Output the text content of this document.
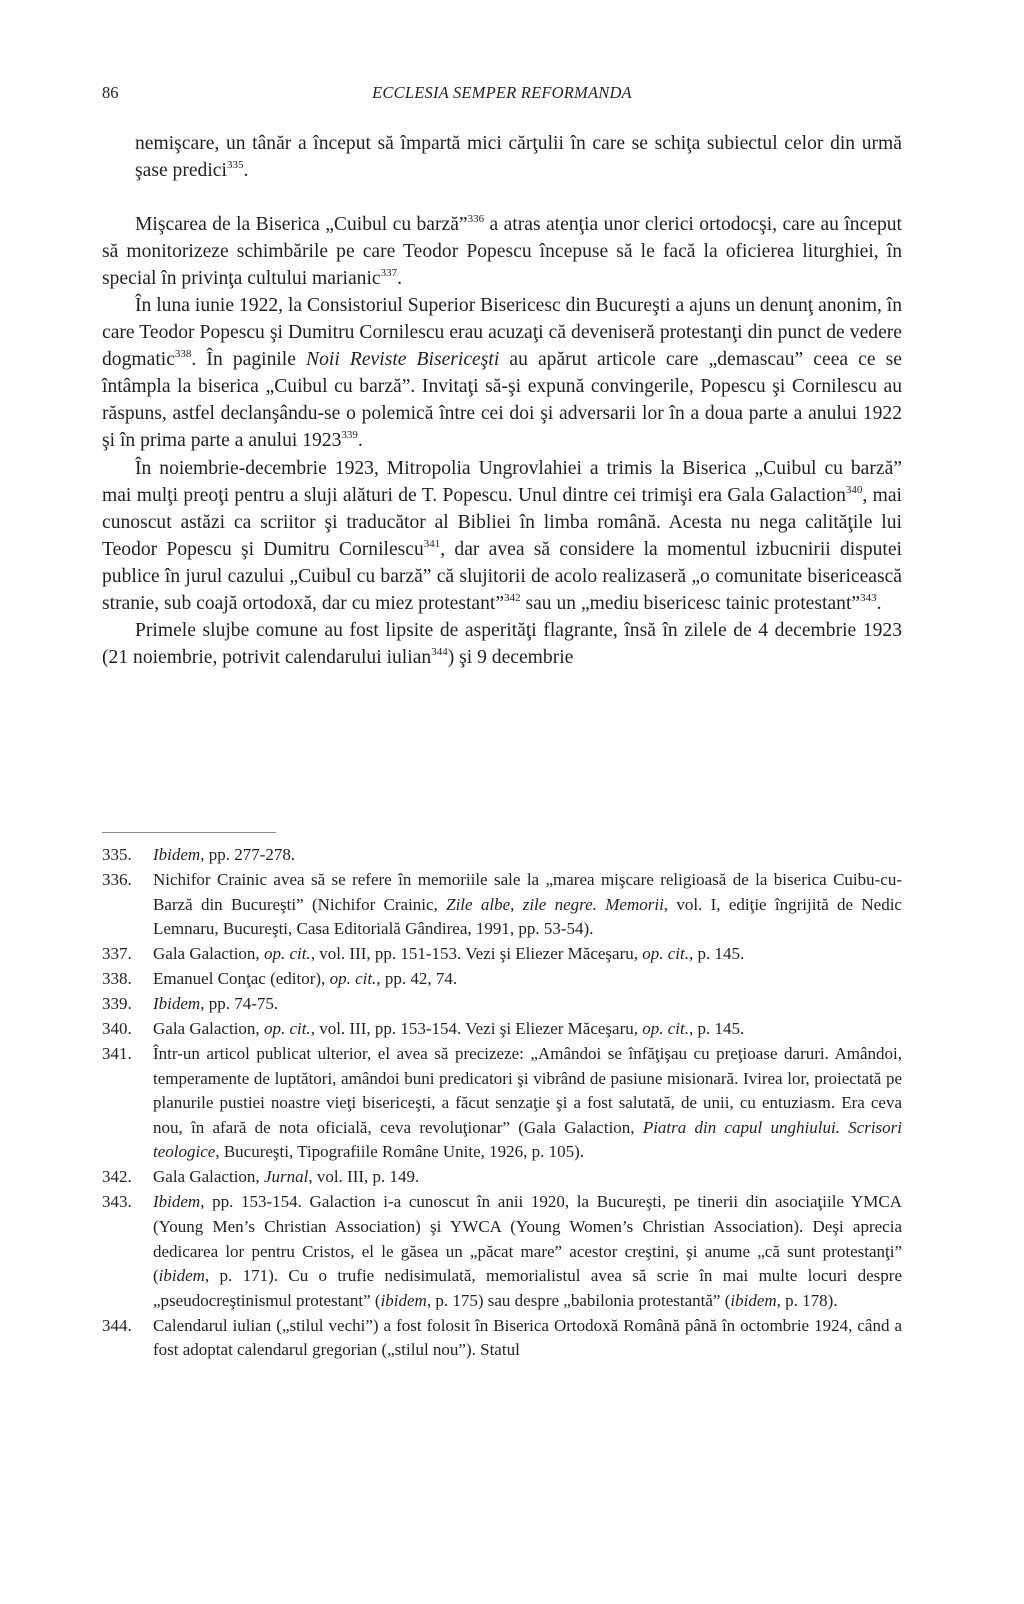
86	ECCLESIA SEMPER REFORMANDA

nemişcare, un tânăr a început să împartă mici cărţulii în care se schiţa subiectul celor din urmă şase predici$^{335}$.

Mişcarea de la Biserica „Cuibul cu barză”$^{336}$ a atras atenţia unor clerici ortodocşi, care au început să monitorizeze schimbările pe care Teodor Popescu începuse să le facă la oficierea liturghiei, în special în privinţa cultului marianic$^{337}$.

În luna iunie 1922, la Consistoriul Superior Bisericesc din Bucureşti a ajuns un denunţ anonim, în care Teodor Popescu şi Dumitru Cornilescu erau acuzaţi că deveniseră protestanţi din punct de vedere dogmatic$^{338}$. În paginile Noii Reviste Bisericeşti au apărut articole care „demascau” ceea ce se întâmpla la biserica „Cuibul cu barză”. Invitaţi să-şi expună convingerile, Popescu şi Cornilescu au răspuns, astfel declanşându-se o polemică între cei doi şi adversarii lor în a doua parte a anului 1922 şi în prima parte a anului 1923$^{339}$.

În noiembrie-decembrie 1923, Mitropolia Ungrovlahiei a trimis la Biserica „Cuibul cu barză” mai mulţi preoţi pentru a sluji alături de T. Popescu. Unul dintre cei trimişi era Gala Galaction$^{340}$, mai cunoscut astăzi ca scriitor şi traducător al Bibliei în limba română. Acesta nu nega calităţile lui Teodor Popescu şi Dumitru Cornilescu$^{341}$, dar avea să considere la momentul izbucnirii disputei publice în jurul cazului „Cuibul cu barză” că slujitorii de acolo realizaseră „o comunitate bisericească stranie, sub coajă ortodoxă, dar cu miez protestant”$^{342}$ sau un „mediu bisericesc tainic protestant”$^{343}$.

Primele slujbe comune au fost lipsite de asperităţi flagrante, însă în zilele de 4 decembrie 1923 (21 noiembrie, potrivit calendarului iulian$^{344}$) şi 9 decembrie

335. Ibidem, pp. 277-278.
336. Nichifor Crainic avea să se refere în memoriile sale la „marea mişcare religioasă de la biserica Cuibu-cu-Barză din Bucureşti” (Nichifor Crainic, Zile albe, zile negre. Memorii, vol. I, ediţie îngrijită de Nedic Lemnaru, Bucureşti, Casa Editorială Gândirea, 1991, pp. 53-54).
337. Gala Galaction, op. cit., vol. III, pp. 151-153. Vezi şi Eliezer Măceşaru, op. cit., p. 145.
338. Emanuel Conţac (editor), op. cit., pp. 42, 74.
339. Ibidem, pp. 74-75.
340. Gala Galaction, op. cit., vol. III, pp. 153-154. Vezi şi Eliezer Măceşaru, op. cit., p. 145.
341. Într-un articol publicat ulterior, el avea să precizeze: „Amândoi se înfăţişau cu preţioase daruri. Amândoi, temperamente de luptători, amândoi buni predicatori şi vibrând de pasiune misionară. Ivirea lor, proiectată pe planurile pustiei noastre vieţi bisericeşti, a făcut senzaţie şi a fost salutată, de unii, cu entuziasm. Era ceva nou, în afară de nota oficială, ceva revoluţionar” (Gala Galaction, Piatra din capul unghiului. Scrisori teologice, Bucureşti, Tipografiile Române Unite, 1926, p. 105).
342. Gala Galaction, Jurnal, vol. III, p. 149.
343. Ibidem, pp. 153-154. Galaction i-a cunoscut în anii 1920, la Bucureşti, pe tinerii din asociaţiile YMCA (Young Men’s Christian Association) şi YWCA (Young Women’s Christian Association). Deşi aprecia dedicarea lor pentru Cristos, el le găsea un „păcat mare” acestor creştini, şi anume „că sunt protestanţi” (ibidem, p. 171). Cu o trufie nedisimulată, memorialistul avea să scrie în mai multe locuri despre „pseudocreştinismul protestant” (ibidem, p. 175) sau despre „babilonia protestantă” (ibidem, p. 178).
344. Calendarul iulian („stilul vechi”) a fost folosit în Biserica Ortodoxă Română până în octombrie 1924, când a fost adoptat calendarul gregorian („stilul nou”). Statul
